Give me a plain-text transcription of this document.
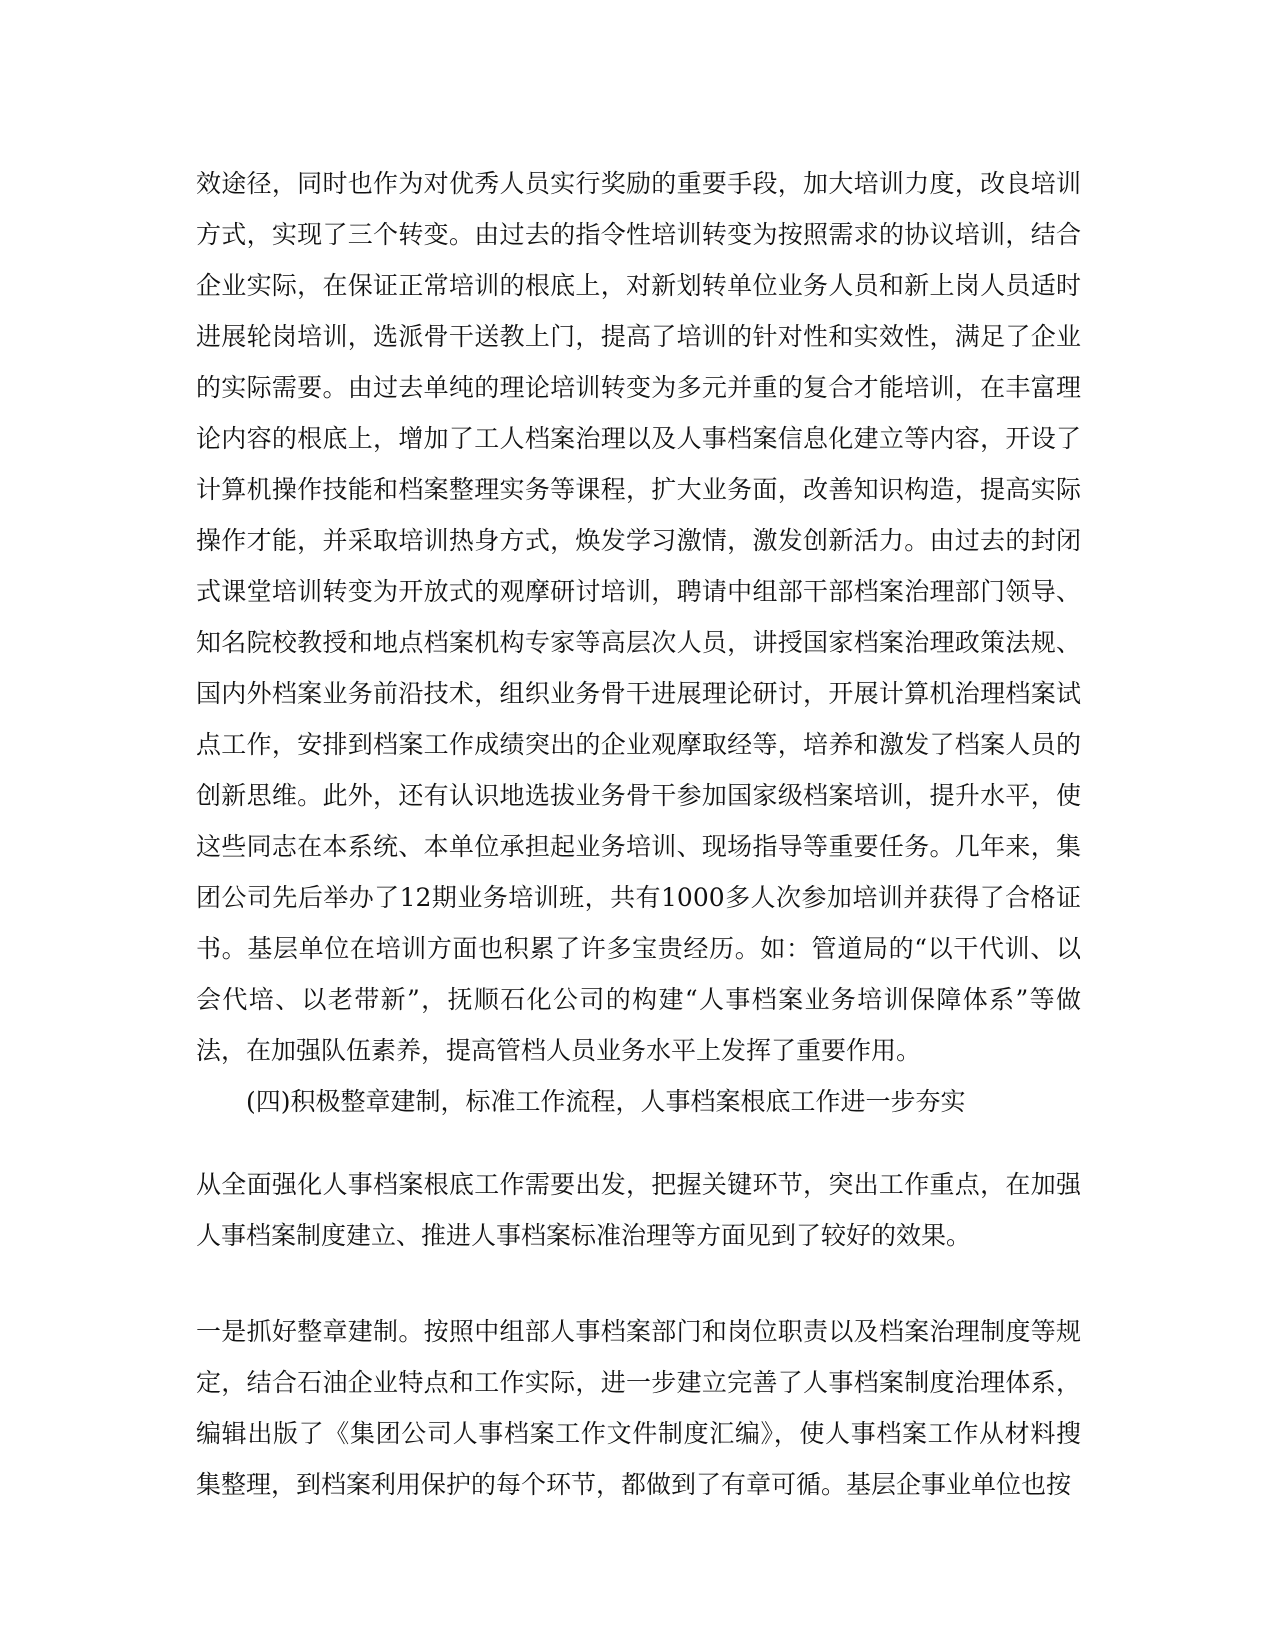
效途径，同时也作为对优秀人员实行奖励的重要手段，加大培训力度，改良培训方式，实现了三个转变。由过去的指令性培训转变为按照需求的协议培训，结合企业实际，在保证正常培训的根底上，对新划转单位业务人员和新上岗人员适时进展轮岗培训，选派骨干送教上门，提高了培训的针对性和实效性，满足了企业的实际需要。由过去单纯的理论培训转变为多元并重的复合才能培训，在丰富理论内容的根底上，增加了工人档案治理以及人事档案信息化建立等内容，开设了计算机操作技能和档案整理实务等课程，扩大业务面，改善知识构造，提高实际操作才能，并采取培训热身方式，焕发学习激情，激发创新活力。由过去的封闭式课堂培训转变为开放式的观摩研讨培训，聘请中组部干部档案治理部门领导、知名院校教授和地点档案机构专家等高层次人员，讲授国家档案治理政策法规、国内外档案业务前沿技术，组织业务骨干进展理论研讨，开展计算机治理档案试点工作，安排到档案工作成绩突出的企业观摩取经等，培养和激发了档案人员的创新思维。此外，还有认识地选拔业务骨干参加国家级档案培训，提升水平，使这些同志在本系统、本单位承担起业务培训、现场指导等重要任务。几年来，集团公司先后举办了12期业务培训班，共有1000多人次参加培训并获得了合格证书。基层单位在培训方面也积累了许多宝贵经历。如：管道局的“以干代训、以会代培、以老带新”，抚顺石化公司的构建“人事档案业务培训保障体系”等做法，在加强队伍素养，提高管档人员业务水平上发挥了重要作用。

(四)积极整章建制，标准工作流程，人事档案根底工作进一步夯实

从全面强化人事档案根底工作需要出发，把握关键环节，突出工作重点，在加强人事档案制度建立、推进人事档案标准治理等方面见到了较好的效果。

一是抓好整章建制。按照中组部人事档案部门和岗位职责以及档案治理制度等规定，结合石油企业特点和工作实际，进一步建立完善了人事档案制度治理体系，编辑出版了《集团公司人事档案工作文件制度汇编》，使人事档案工作从材料搜集整理，到档案利用保护的每个环节，都做到了有章可循。基层企事业单位也按
